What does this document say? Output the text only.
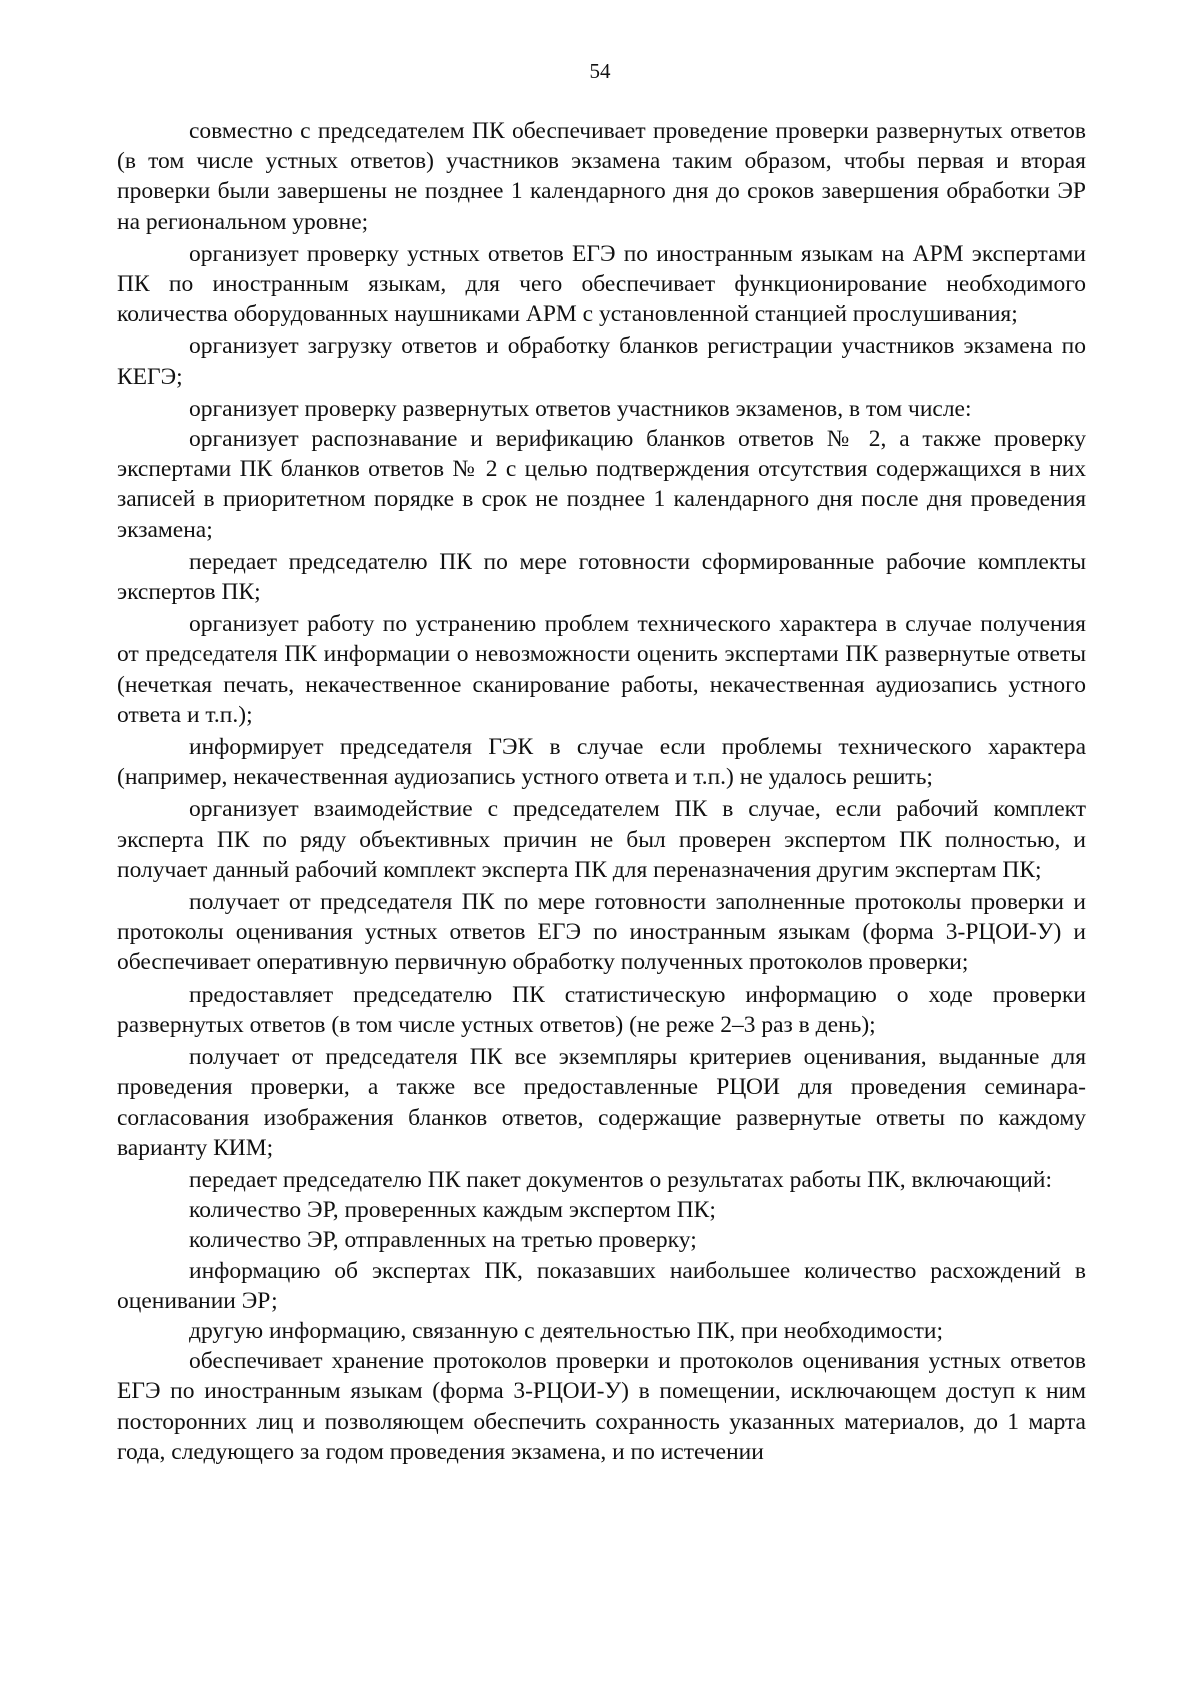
54

совместно с председателем ПК обеспечивает проведение проверки развернутых ответов (в том числе устных ответов) участников экзамена таким образом, чтобы первая и вторая проверки были завершены не позднее 1 календарного дня до сроков завершения обработки ЭР на региональном уровне;

организует проверку устных ответов ЕГЭ по иностранным языкам на АРМ экспертами ПК по иностранным языкам, для чего обеспечивает функционирование необходимого количества оборудованных наушниками АРМ с установленной станцией прослушивания;

организует загрузку ответов и обработку бланков регистрации участников экзамена по КЕГЭ;

организует проверку развернутых ответов участников экзаменов, в том числе:

организует распознавание и верификацию бланков ответов № 2, а также проверку экспертами ПК бланков ответов № 2 с целью подтверждения отсутствия содержащихся в них записей в приоритетном порядке в срок не позднее 1 календарного дня после дня проведения экзамена;

передает председателю ПК по мере готовности сформированные рабочие комплекты экспертов ПК;

организует работу по устранению проблем технического характера в случае получения от председателя ПК информации о невозможности оценить экспертами ПК развернутые ответы (нечеткая печать, некачественное сканирование работы, некачественная аудиозапись устного ответа и т.п.);

информирует председателя ГЭК в случае если проблемы технического характера (например, некачественная аудиозапись устного ответа и т.п.) не удалось решить;

организует взаимодействие с председателем ПК в случае, если рабочий комплект эксперта ПК по ряду объективных причин не был проверен экспертом ПК полностью, и получает данный рабочий комплект эксперта ПК для переназначения другим экспертам ПК;

получает от председателя ПК по мере готовности заполненные протоколы проверки и протоколы оценивания устных ответов ЕГЭ по иностранным языкам (форма 3-РЦОИ-У) и обеспечивает оперативную первичную обработку полученных протоколов проверки;

предоставляет председателю ПК статистическую информацию о ходе проверки развернутых ответов (в том числе устных ответов) (не реже 2–3 раз в день);

получает от председателя ПК все экземпляры критериев оценивания, выданные для проведения проверки, а также все предоставленные РЦОИ для проведения семинара-согласования изображения бланков ответов, содержащие развернутые ответы по каждому варианту КИМ;

передает председателю ПК пакет документов о результатах работы ПК, включающий:

количество ЭР, проверенных каждым экспертом ПК;

количество ЭР, отправленных на третью проверку;

информацию об экспертах ПК, показавших наибольшее количество расхождений в оценивании ЭР;

другую информацию, связанную с деятельностью ПК, при необходимости;

обеспечивает хранение протоколов проверки и протоколов оценивания устных ответов ЕГЭ по иностранным языкам (форма 3-РЦОИ-У) в помещении, исключающем доступ к ним посторонних лиц и позволяющем обеспечить сохранность указанных материалов, до 1 марта года, следующего за годом проведения экзамена, и по истечении
